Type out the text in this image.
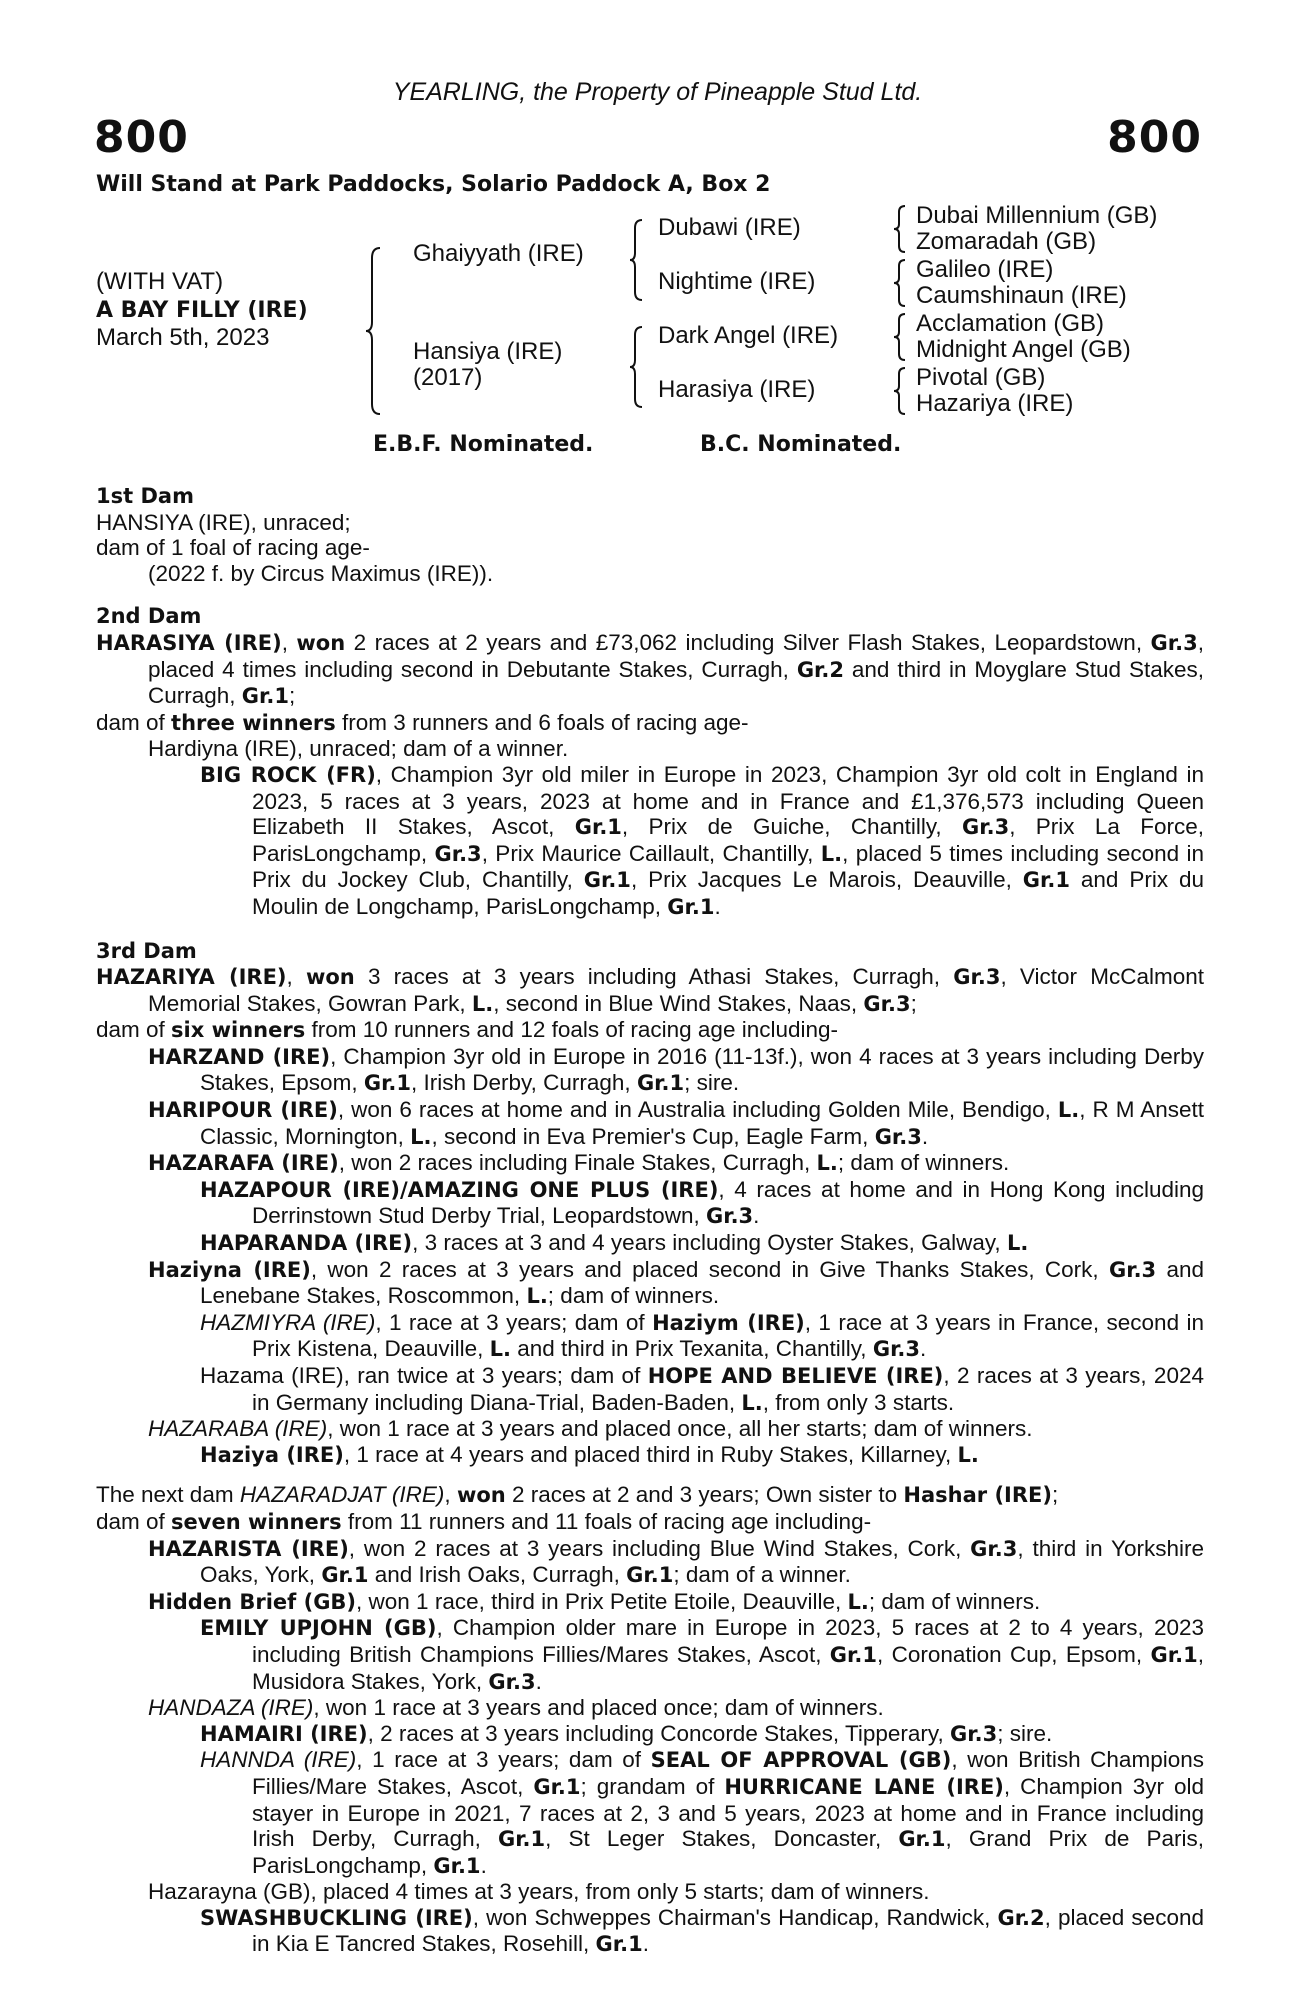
800
YEARLING, the Property of Pineapple Stud Ltd.
800
Will Stand at Park Paddocks, Solario Paddock A, Box 2
(WITH VAT)
A BAY FILLY (IRE)
March 5th, 2023
Ghaiyyath (IRE)
Hansiya (IRE)
(2017)
Dubawi (IRE)
Nightime (IRE)
Dark Angel (IRE)
Harasiya (IRE)
Dubai Millennium (GB)
Zomaradah (GB)
Galileo (IRE)
Caumshinaun (IRE)
Acclamation (GB)
Midnight Angel (GB)
Pivotal (GB)
Hazariya (IRE)
E.B.F. Nominated.	B.C. Nominated.

1st Dam

HANSIYA (IRE), unraced;

dam of 1 foal of racing age-

(2022 f. by Circus Maximus (IRE)).

2nd Dam

HARASIYA (IRE), won 2 races at 2 years and £73,062 including Silver Flash Stakes, Leopardstown, Gr.3, placed 4 times including second in Debutante Stakes, Curragh, Gr.2 and third in Moyglare Stud Stakes, Curragh, Gr.1;

dam of three winners from 3 runners and 6 foals of racing age-

Hardiyna (IRE), unraced; dam of a winner.

BIG ROCK (FR), Champion 3yr old miler in Europe in 2023, Champion 3yr old colt in England in 2023, 5 races at 3 years, 2023 at home and in France and £1,376,573 including Queen Elizabeth II Stakes, Ascot, Gr.1, Prix de Guiche, Chantilly, Gr.3, Prix La Force, ParisLongchamp, Gr.3, Prix Maurice Caillault, Chantilly, L., placed 5 times including second in Prix du Jockey Club, Chantilly, Gr.1, Prix Jacques Le Marois, Deauville, Gr.1 and Prix du Moulin de Longchamp, ParisLongchamp, Gr.1.

3rd Dam

HAZARIYA (IRE), won 3 races at 3 years including Athasi Stakes, Curragh, Gr.3, Victor McCalmont Memorial Stakes, Gowran Park, L., second in Blue Wind Stakes, Naas, Gr.3;

dam of six winners from 10 runners and 12 foals of racing age including-

HARZAND (IRE), Champion 3yr old in Europe in 2016 (11-13f.), won 4 races at 3 years including Derby Stakes, Epsom, Gr.1, Irish Derby, Curragh, Gr.1; sire.

HARIPOUR (IRE), won 6 races at home and in Australia including Golden Mile, Bendigo, L., R M Ansett Classic, Mornington, L., second in Eva Premier's Cup, Eagle Farm, Gr.3.

HAZARAFA (IRE), won 2 races including Finale Stakes, Curragh, L.; dam of winners.

HAZAPOUR (IRE)/AMAZING ONE PLUS (IRE), 4 races at home and in Hong Kong including Derrinstown Stud Derby Trial, Leopardstown, Gr.3.

HAPARANDA (IRE), 3 races at 3 and 4 years including Oyster Stakes, Galway, L.

Haziyna (IRE), won 2 races at 3 years and placed second in Give Thanks Stakes, Cork, Gr.3 and Lenebane Stakes, Roscommon, L.; dam of winners.

HAZMIYRA (IRE), 1 race at 3 years; dam of Haziym (IRE), 1 race at 3 years in France, second in Prix Kistena, Deauville, L. and third in Prix Texanita, Chantilly, Gr.3.

Hazama (IRE), ran twice at 3 years; dam of HOPE AND BELIEVE (IRE), 2 races at 3 years, 2024 in Germany including Diana-Trial, Baden-Baden, L., from only 3 starts.

HAZARABA (IRE), won 1 race at 3 years and placed once, all her starts; dam of winners.

Haziya (IRE), 1 race at 4 years and placed third in Ruby Stakes, Killarney, L.

The next dam HAZARADJAT (IRE), won 2 races at 2 and 3 years; Own sister to Hashar (IRE);

dam of seven winners from 11 runners and 11 foals of racing age including-

HAZARISTA (IRE), won 2 races at 3 years including Blue Wind Stakes, Cork, Gr.3, third in Yorkshire Oaks, York, Gr.1 and Irish Oaks, Curragh, Gr.1; dam of a winner.

Hidden Brief (GB), won 1 race, third in Prix Petite Etoile, Deauville, L.; dam of winners.

EMILY UPJOHN (GB), Champion older mare in Europe in 2023, 5 races at 2 to 4 years, 2023 including British Champions Fillies/Mares Stakes, Ascot, Gr.1, Coronation Cup, Epsom, Gr.1, Musidora Stakes, York, Gr.3.

HANDAZA (IRE), won 1 race at 3 years and placed once; dam of winners.

HAMAIRI (IRE), 2 races at 3 years including Concorde Stakes, Tipperary, Gr.3; sire.

HANNDA (IRE), 1 race at 3 years; dam of SEAL OF APPROVAL (GB), won British Champions Fillies/Mare Stakes, Ascot, Gr.1; grandam of HURRICANE LANE (IRE), Champion 3yr old stayer in Europe in 2021, 7 races at 2, 3 and 5 years, 2023 at home and in France including Irish Derby, Curragh, Gr.1, St Leger Stakes, Doncaster, Gr.1, Grand Prix de Paris, ParisLongchamp, Gr.1.

Hazarayna (GB), placed 4 times at 3 years, from only 5 starts; dam of winners.

SWASHBUCKLING (IRE), won Schweppes Chairman's Handicap, Randwick, Gr.2, placed second in Kia E Tancred Stakes, Rosehill, Gr.1.
